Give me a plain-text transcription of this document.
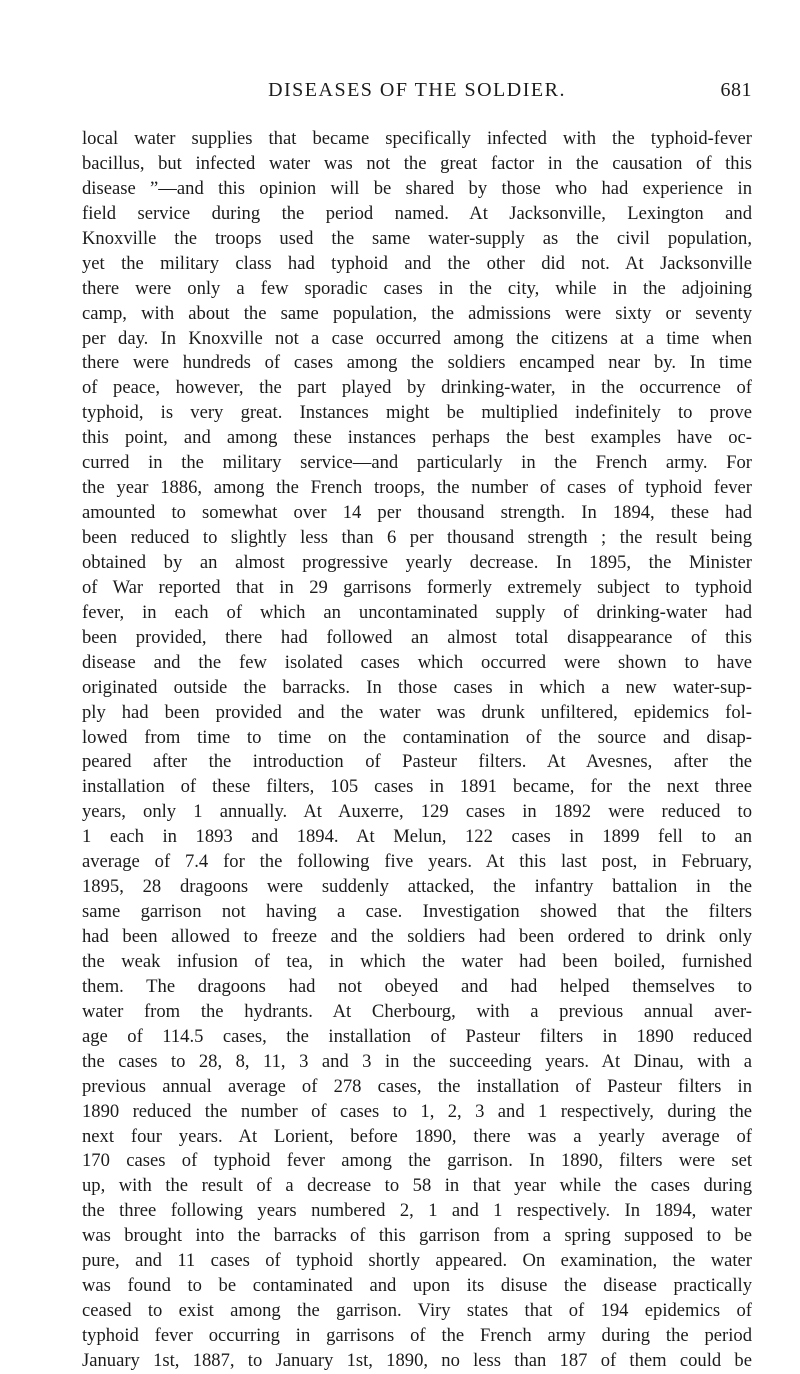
DISEASES OF THE SOLDIER.	681
local water supplies that became specifically infected with the typhoid-fever
bacillus, but infected water was not the great factor in the causation of this
disease ”—and this opinion will be shared by those who had experience in
field service during the period named. At Jacksonville, Lexington and
Knoxville the troops used the same water-supply as the civil population,
yet the military class had typhoid and the other did not. At Jacksonville
there were only a few sporadic cases in the city, while in the adjoining
camp, with about the same population, the admissions were sixty or seventy
per day. In Knoxville not a case occurred among the citizens at a time when
there were hundreds of cases among the soldiers encamped near by. In time
of peace, however, the part played by drinking-water, in the occurrence of
typhoid, is very great. Instances might be multiplied indefinitely to prove
this point, and among these instances perhaps the best examples have oc-
curred in the military service—and particularly in the French army. For
the year 1886, among the French troops, the number of cases of typhoid fever
amounted to somewhat over 14 per thousand strength. In 1894, these had
been reduced to slightly less than 6 per thousand strength ; the result being
obtained by an almost progressive yearly decrease. In 1895, the Minister
of War reported that in 29 garrisons formerly extremely subject to typhoid
fever, in each of which an uncontaminated supply of drinking-water had
been provided, there had followed an almost total disappearance of this
disease and the few isolated cases which occurred were shown to have
originated outside the barracks. In those cases in which a new water-sup-
ply had been provided and the water was drunk unfiltered, epidemics fol-
lowed from time to time on the contamination of the source and disap-
peared after the introduction of Pasteur filters. At Avesnes, after the
installation of these filters, 105 cases in 1891 became, for the next three
years, only 1 annually. At Auxerre, 129 cases in 1892 were reduced to
1 each in 1893 and 1894. At Melun, 122 cases in 1899 fell to an
average of 7.4 for the following five years. At this last post, in February,
1895, 28 dragoons were suddenly attacked, the infantry battalion in the
same garrison not having a case. Investigation showed that the filters
had been allowed to freeze and the soldiers had been ordered to drink only
the weak infusion of tea, in which the water had been boiled, furnished
them. The dragoons had not obeyed and had helped themselves to
water from the hydrants. At Cherbourg, with a previous annual aver-
age of 114.5 cases, the installation of Pasteur filters in 1890 reduced
the cases to 28, 8, 11, 3 and 3 in the succeeding years. At Dinau, with a
previous annual average of 278 cases, the installation of Pasteur filters in
1890 reduced the number of cases to 1, 2, 3 and 1 respectively, during the
next four years. At Lorient, before 1890, there was a yearly average of
170 cases of typhoid fever among the garrison. In 1890, filters were set
up, with the result of a decrease to 58 in that year while the cases during
the three following years numbered 2, 1 and 1 respectively. In 1894, water
was brought into the barracks of this garrison from a spring supposed to be
pure, and 11 cases of typhoid shortly appeared. On examination, the water
was found to be contaminated and upon its disuse the disease practically
ceased to exist among the garrison. Viry states that of 194 epidemics of
typhoid fever occurring in garrisons of the French army during the period
January 1st, 1887, to January 1st, 1890, no less than 187 of them could be
